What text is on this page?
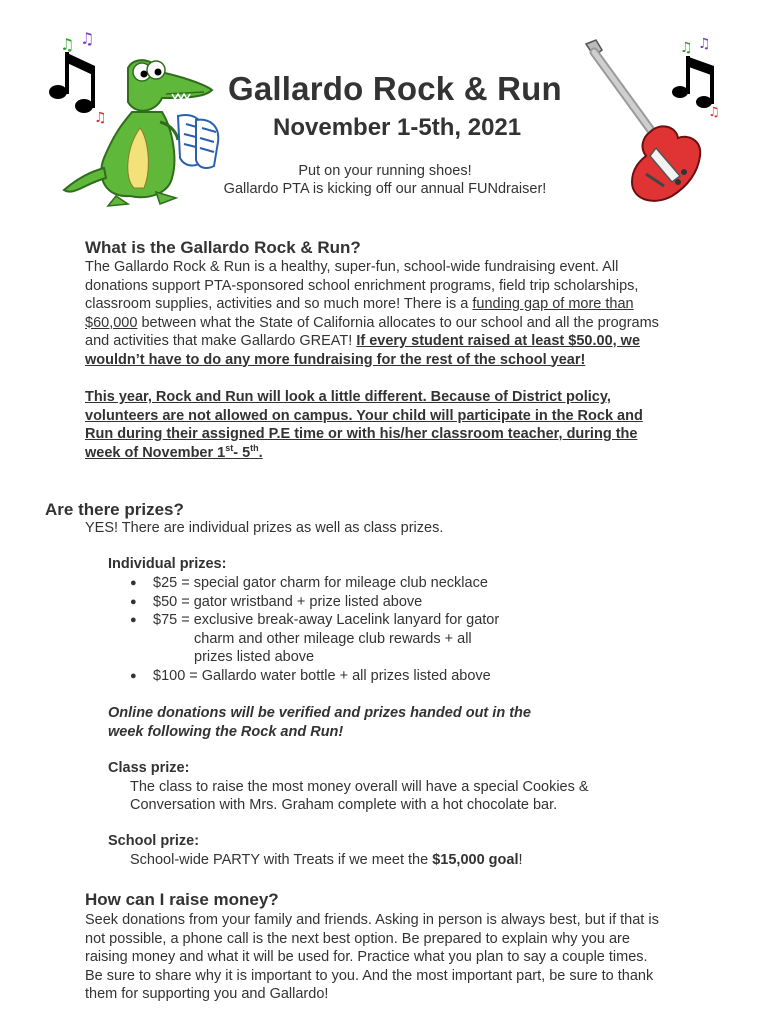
♫ ♫
♫
♫ ♫
♫
Gallardo Rock & Run
November 1-5th, 2021
Put on your running shoes!
Gallardo PTA is kicking off our annual FUNdraiser!
What is the Gallardo Rock & Run?
The Gallardo Rock & Run is a healthy, super-fun, school-wide fundraising event. All
donations support PTA-sponsored school enrichment programs, field trip scholarships,
classroom supplies, activities and so much more! There is a funding gap of more than
$60,000 between what the State of California allocates to our school and all the programs
and activities that make Gallardo GREAT! If every student raised at least $50.00, we
wouldn’t have to do any more fundraising for the rest of the school year!
This year, Rock and Run will look a little different. Because of District policy,
volunteers are not allowed on campus. Your child will participate in the Rock and
Run during their assigned P.E time or with his/her classroom teacher, during the
week of November 1st- 5th.
Are there prizes?
YES! There are individual prizes as well as class prizes.
Individual prizes:
● $25 = special gator charm for mileage club necklace
● $50 = gator wristband + prize listed above
● $75 = exclusive break-away Lacelink lanyard for gator
charm and other mileage club rewards + all
prizes listed above
● $100 = Gallardo water bottle + all prizes listed above
Online donations will be verified and prizes handed out in the
week following the Rock and Run!
Class prize:
The class to raise the most money overall will have a special Cookies &
Conversation with Mrs. Graham complete with a hot chocolate bar.
School prize:
School-wide PARTY with Treats if we meet the $15,000 goal!
How can I raise money?
Seek donations from your family and friends. Asking in person is always best, but if that is
not possible, a phone call is the next best option. Be prepared to explain why you are
raising money and what it will be used for. Practice what you plan to say a couple times.
Be sure to share why it is important to you. And the most important part, be sure to thank
them for supporting you and Gallardo!
